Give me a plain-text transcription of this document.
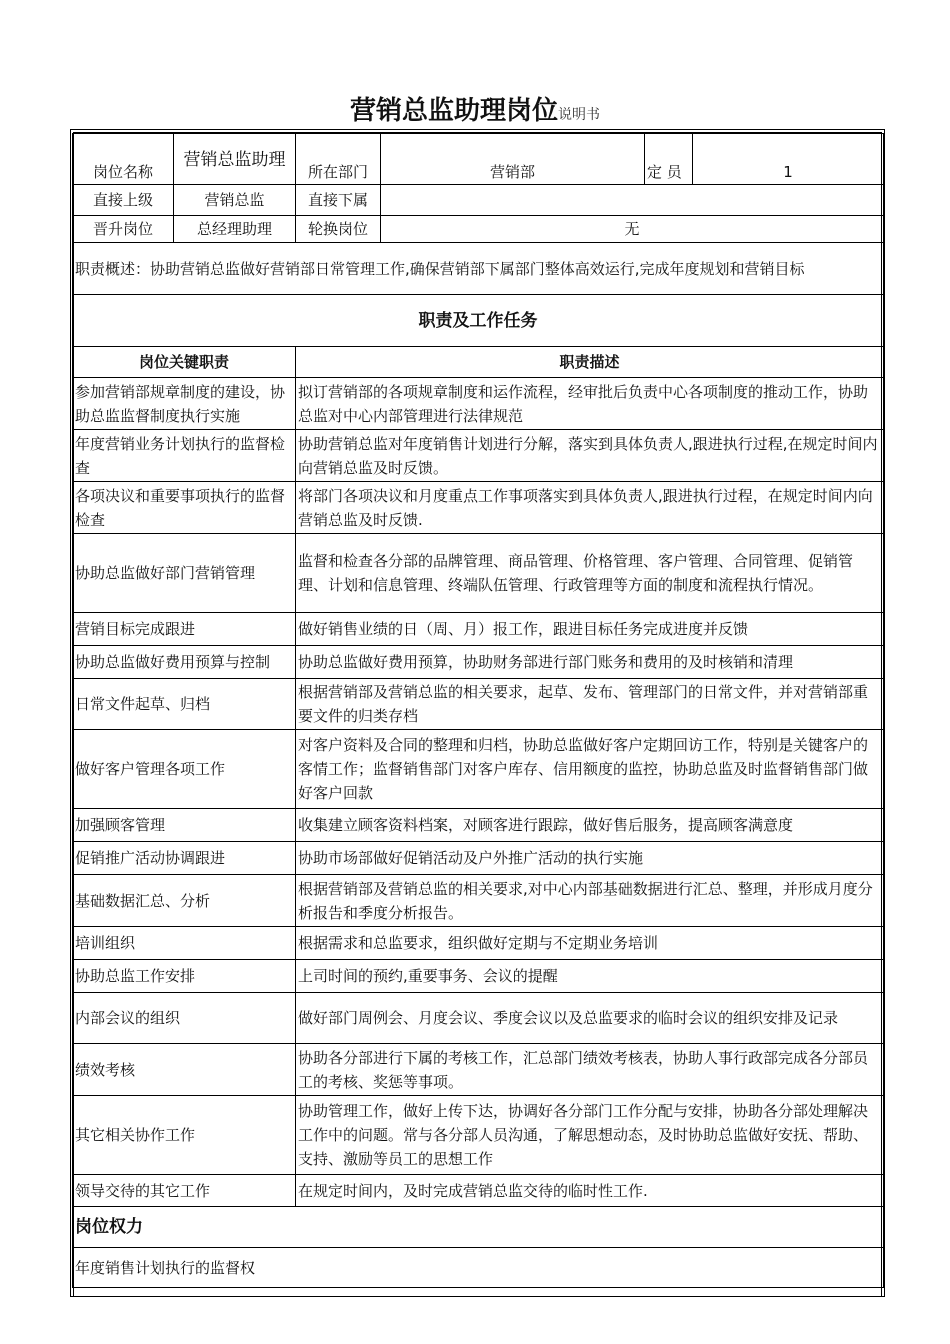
营销总监助理岗位说明书
岗位名称	营销总监助理	所在部门	营销部	定 员	1
直接上级	营销总监	直接下属			
晋升岗位	总经理助理	轮换岗位	无		
职责概述：协助营销总监做好营销部日常管理工作,确保营销部下属部门整体高效运行,完成年度规划和营销目标					
职责及工作任务					
岗位关键职责		职责描述			
参加营销部规章制度的建设，协助总监监督制度执行实施		拟订营销部的各项规章制度和运作流程，经审批后负责中心各项制度的推动工作，协助总监对中心内部管理进行法律规范			
年度营销业务计划执行的监督检查		协助营销总监对年度销售计划进行分解，落实到具体负责人,跟进执行过程,在规定时间内向营销总监及时反馈。			
各项决议和重要事项执行的监督检查		将部门各项决议和月度重点工作事项落实到具体负责人,跟进执行过程，在规定时间内向营销总监及时反馈.			
协助总监做好部门营销管理		监督和检查各分部的品牌管理、商品管理、价格管理、客户管理、合同管理、促销管理、计划和信息管理、终端队伍管理、行政管理等方面的制度和流程执行情况。			
营销目标完成跟进		做好销售业绩的日（周、月）报工作，跟进目标任务完成进度并反馈			
协助总监做好费用预算与控制		协助总监做好费用预算，协助财务部进行部门账务和费用的及时核销和清理			
日常文件起草、归档		根据营销部及营销总监的相关要求，起草、发布、管理部门的日常文件，并对营销部重要文件的归类存档			
做好客户管理各项工作		对客户资料及合同的整理和归档，协助总监做好客户定期回访工作，特别是关键客户的客情工作；监督销售部门对客户库存、信用额度的监控，协助总监及时监督销售部门做好客户回款			
加强顾客管理		收集建立顾客资料档案，对顾客进行跟踪，做好售后服务，提高顾客满意度			
促销推广活动协调跟进		协助市场部做好促销活动及户外推广活动的执行实施			
基础数据汇总、分析		根据营销部及营销总监的相关要求,对中心内部基础数据进行汇总、整理，并形成月度分析报告和季度分析报告。			
培训组织		根据需求和总监要求，组织做好定期与不定期业务培训			
协助总监工作安排		上司时间的预约,重要事务、会议的提醒			
内部会议的组织		做好部门周例会、月度会议、季度会议以及总监要求的临时会议的组织安排及记录			
绩效考核		协助各分部进行下属的考核工作，汇总部门绩效考核表，协助人事行政部完成各分部员工的考核、奖惩等事项。			
其它相关协作工作		协助管理工作，做好上传下达，协调好各分部门工作分配与安排，协助各分部处理解决工作中的问题。常与各分部人员沟通，了解思想动态，及时协助总监做好安抚、帮助、支持、激励等员工的思想工作			
领导交待的其它工作		在规定时间内，及时完成营销总监交待的临时性工作.			
岗位权力					
年度销售计划执行的监督权					
